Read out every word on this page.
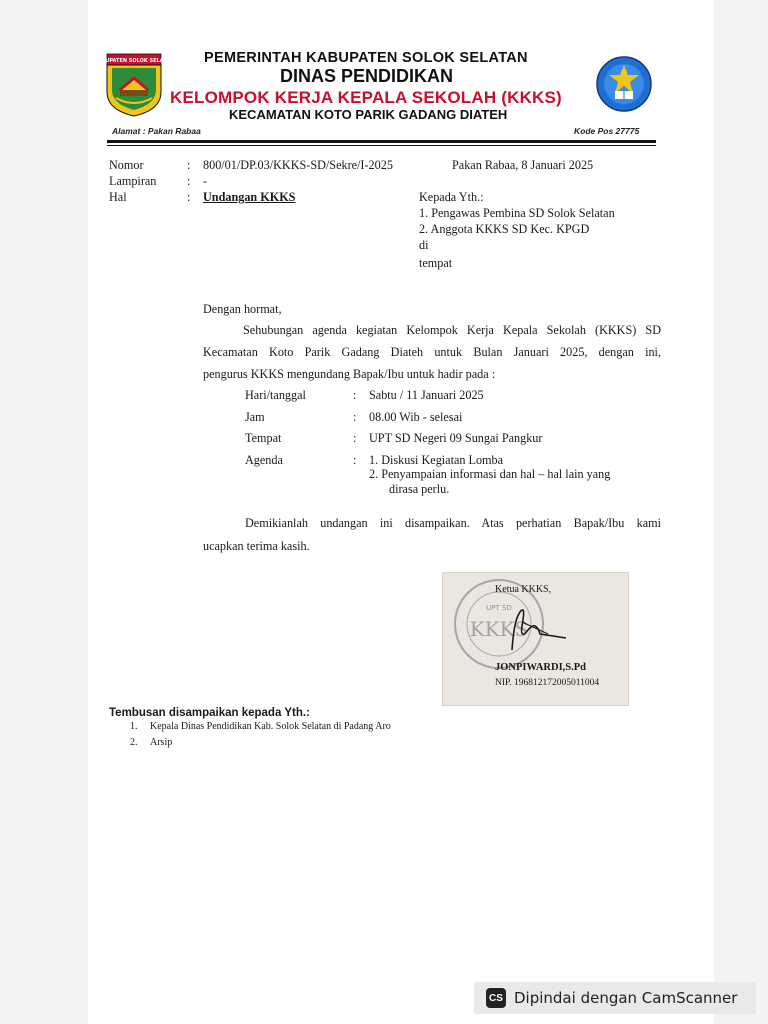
KABUPATEN SOLOK SELATAN PEMERINTAH KABUPATEN SOLOK SELATAN
DINAS PENDIDIKAN
KELOMPOK KERJA KEPALA SEKOLAH (KKKS)
KECAMATAN KOTO PARIK GADANG DIATEH
Alamat : Pakan Rabaa	Kode Pos 27775
Nomor	: 800/01/DP.03/KKKS-SD/Sekre/I-2025	Pakan Rabaa, 8 Januari 2025
Lampiran	: -
Hal	: Undangan KKKS	Kepada Yth.:
1. Pengawas Pembina SD Solok Selatan
2. Anggota KKKS SD Kec. KPGD
di
tempat
Dengan hormat,
Sehubungan agenda kegiatan Kelompok Kerja Kepala Sekolah (KKKS) SD
Kecamatan Koto Parik Gadang Diateh untuk Bulan Januari 2025, dengan ini,
pengurus KKKS mengundang Bapak/Ibu untuk hadir pada :
Hari/tanggal	: Sabtu / 11 Januari 2025
Jam	: 08.00 Wib - selesai
Tempat	: UPT SD Negeri 09 Sungai Pangkur
Agenda	: 1. Diskusi Kegiatan Lomba
2. Penyampaian informasi dan hal – hal lain yang
dirasa perlu.
Demikianlah undangan ini disampaikan. Atas perhatian Bapak/Ibu kami
ucapkan terima kasih.
UPT SD
KKKS
Ketua KKKS,
JONPIWARDI,S.Pd
NIP. 196812172005011004
Tembusan disampaikan kepada Yth.:
1. Kepala Dinas Pendidikan Kab. Solok Selatan di Padang Aro
2. Arsip
CS Dipindai dengan CamScanner
